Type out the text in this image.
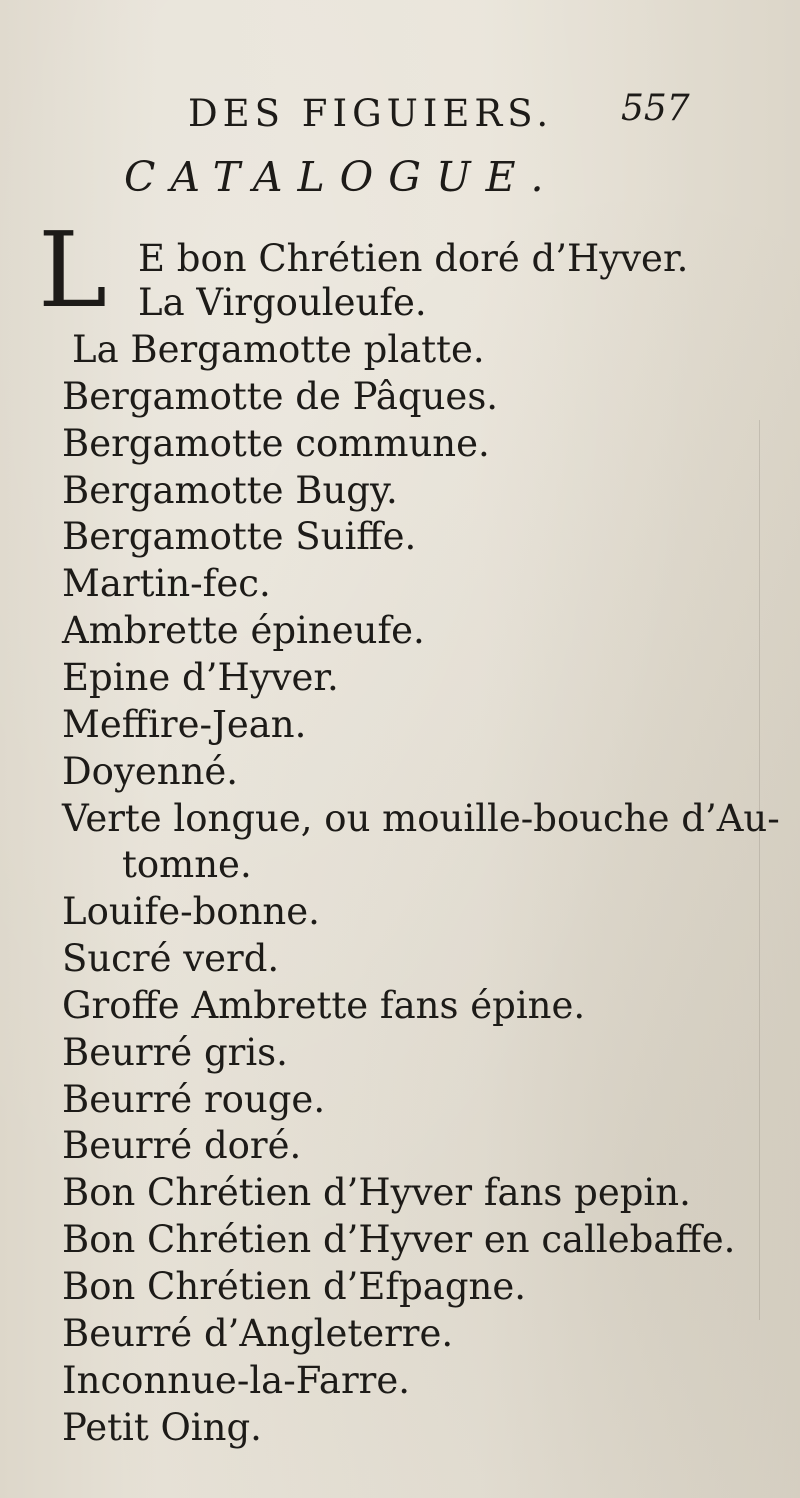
DES FIGUIERS. 557
CATALOGUE.
L E bon Chrétien doré d’Hyver.
La Virgouleufe.
La Bergamotte platte.
Bergamotte de Pâques.
Bergamotte commune.
Bergamotte Bugy.
Bergamotte Suiffe.
Martin-fec.
Ambrette épineufe.
Epine d’Hyver.
Meffire-Jean.
Doyenné.
Verte longue, ou mouille-bouche d’Au-
tomne.
Louife-bonne.
Sucré verd.
Groffe Ambrette fans épine.
Beurré gris.
Beurré rouge.
Beurré doré.
Bon Chrétien d’Hyver fans pepin.
Bon Chrétien d’Hyver en callebaffe.
Bon Chrétien d’Efpagne.
Beurré d’Angleterre.
Inconnue-la-Farre.
Petit Oing.
